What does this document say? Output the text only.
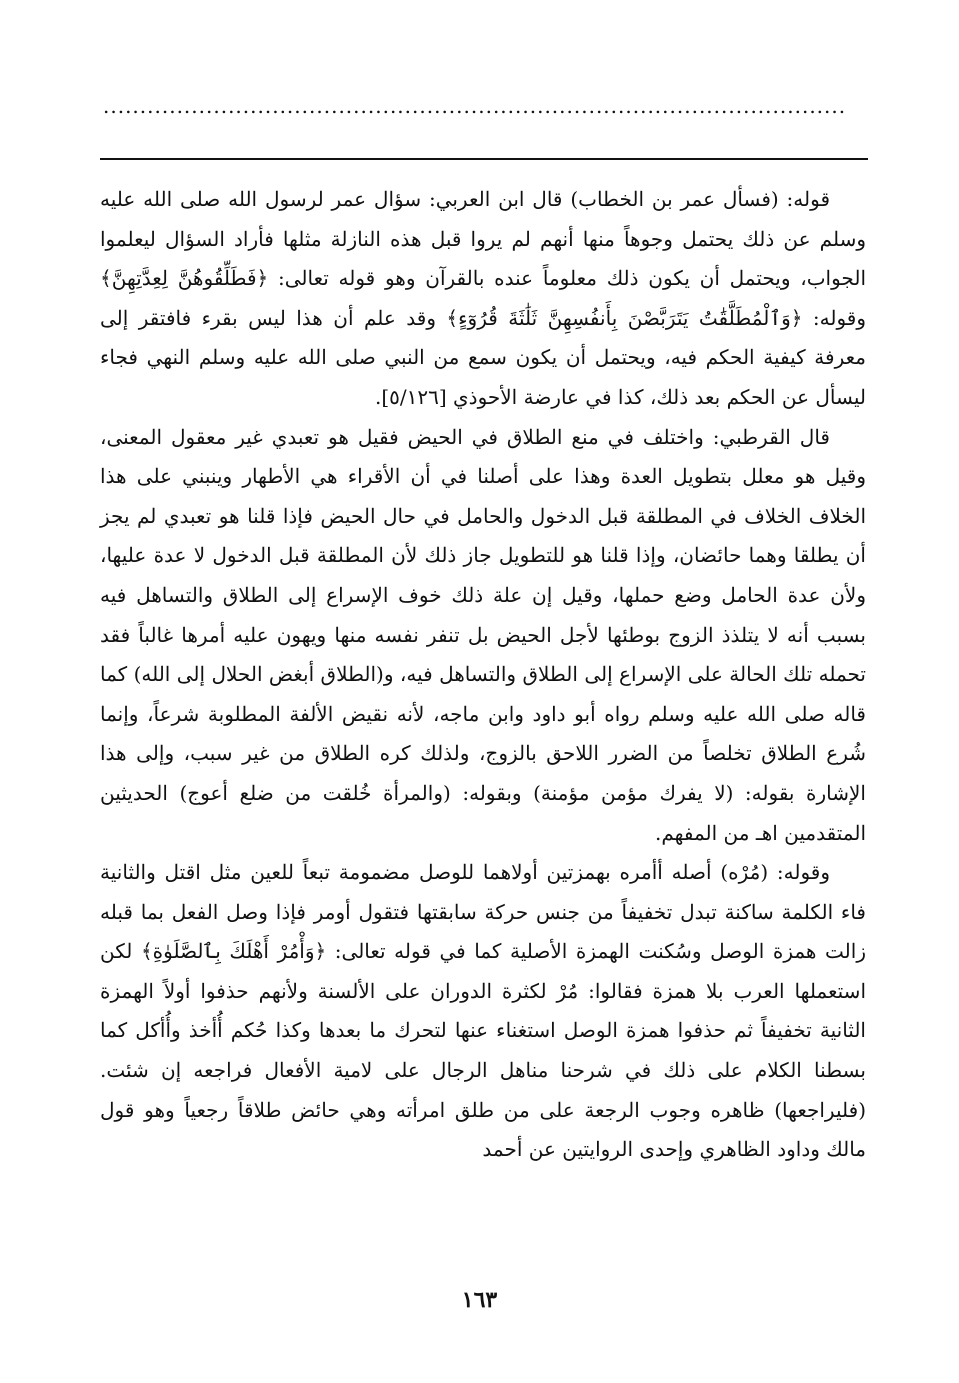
.....................................................................................................

قوله: (فسأل عمر بن الخطاب) قال ابن العربي: سؤال عمر لرسول الله صلى الله عليه وسلم عن ذلك يحتمل وجوهاً منها أنهم لم يروا قبل هذه النازلة مثلها فأراد السؤال ليعلموا الجواب، ويحتمل أن يكون ذلك معلوماً عنده بالقرآن وهو قوله تعالى: ﴿فَطَلِّقُوهُنَّ لِعِدَّتِهِنَّ﴾ وقوله: ﴿وَٱلْمُطَلَّقَٰتُ يَتَرَبَّصْنَ بِأَنفُسِهِنَّ ثَلَٰثَةَ قُرُوٓءٍ﴾ وقد علم أن هذا ليس بقرء فافتقر إلى معرفة كيفية الحكم فيه، ويحتمل أن يكون سمع من النبي صلى الله عليه وسلم النهي فجاء ليسأل عن الحكم بعد ذلك، كذا في عارضة الأحوذي [٥/١٢٦].

قال القرطبي: واختلف في منع الطلاق في الحيض فقيل هو تعبدي غير معقول المعنى، وقيل هو معلل بتطويل العدة وهذا على أصلنا في أن الأقراء هي الأطهار وينبني على هذا الخلاف الخلاف في المطلقة قبل الدخول والحامل في حال الحيض فإذا قلنا هو تعبدي لم يجز أن يطلقا وهما حائضان، وإذا قلنا هو للتطويل جاز ذلك لأن المطلقة قبل الدخول لا عدة عليها، ولأن عدة الحامل وضع حملها، وقيل إن علة ذلك خوف الإسراع إلى الطلاق والتساهل فيه بسبب أنه لا يتلذذ الزوج بوطئها لأجل الحيض بل تنفر نفسه منها ويهون عليه أمرها غالباً فقد تحمله تلك الحالة على الإسراع إلى الطلاق والتساهل فيه، و(الطلاق أبغض الحلال إلى الله) كما قاله صلى الله عليه وسلم رواه أبو داود وابن ماجه، لأنه نقيض الألفة المطلوبة شرعاً، وإنما شُرع الطلاق تخلصاً من الضرر اللاحق بالزوج، ولذلك كره الطلاق من غير سبب، وإلى هذا الإشارة بقوله: (لا يفرك مؤمن مؤمنة) وبقوله: (والمرأة خُلقت من ضلع أعوج) الحديثين المتقدمين اهـ من المفهم.

وقوله: (مُرْه) أصله أأمره بهمزتين أولاهما للوصل مضمومة تبعاً للعين مثل اقتل والثانية فاء الكلمة ساكنة تبدل تخفيفاً من جنس حركة سابقتها فتقول أومر فإذا وصل الفعل بما قبله زالت همزة الوصل وسُكنت الهمزة الأصلية كما في قوله تعالى: ﴿وَأْمُرْ أَهْلَكَ بِٱلصَّلَوٰةِ﴾ لكن استعملها العرب بلا همزة فقالوا: مُرْ لكثرة الدوران على الألسنة ولأنهم حذفوا أولاً الهمزة الثانية تخفيفاً ثم حذفوا همزة الوصل استغناء عنها لتحرك ما بعدها وكذا حُكم أُأخذ وأُأكل كما بسطنا الكلام على ذلك في شرحنا مناهل الرجال على لامية الأفعال فراجعه إن شئت. (فليراجعها) ظاهره وجوب الرجعة على من طلق امرأته وهي حائض طلاقاً رجعياً وهو قول مالك وداود الظاهري وإحدى الروايتين عن أحمد

١٦٣
